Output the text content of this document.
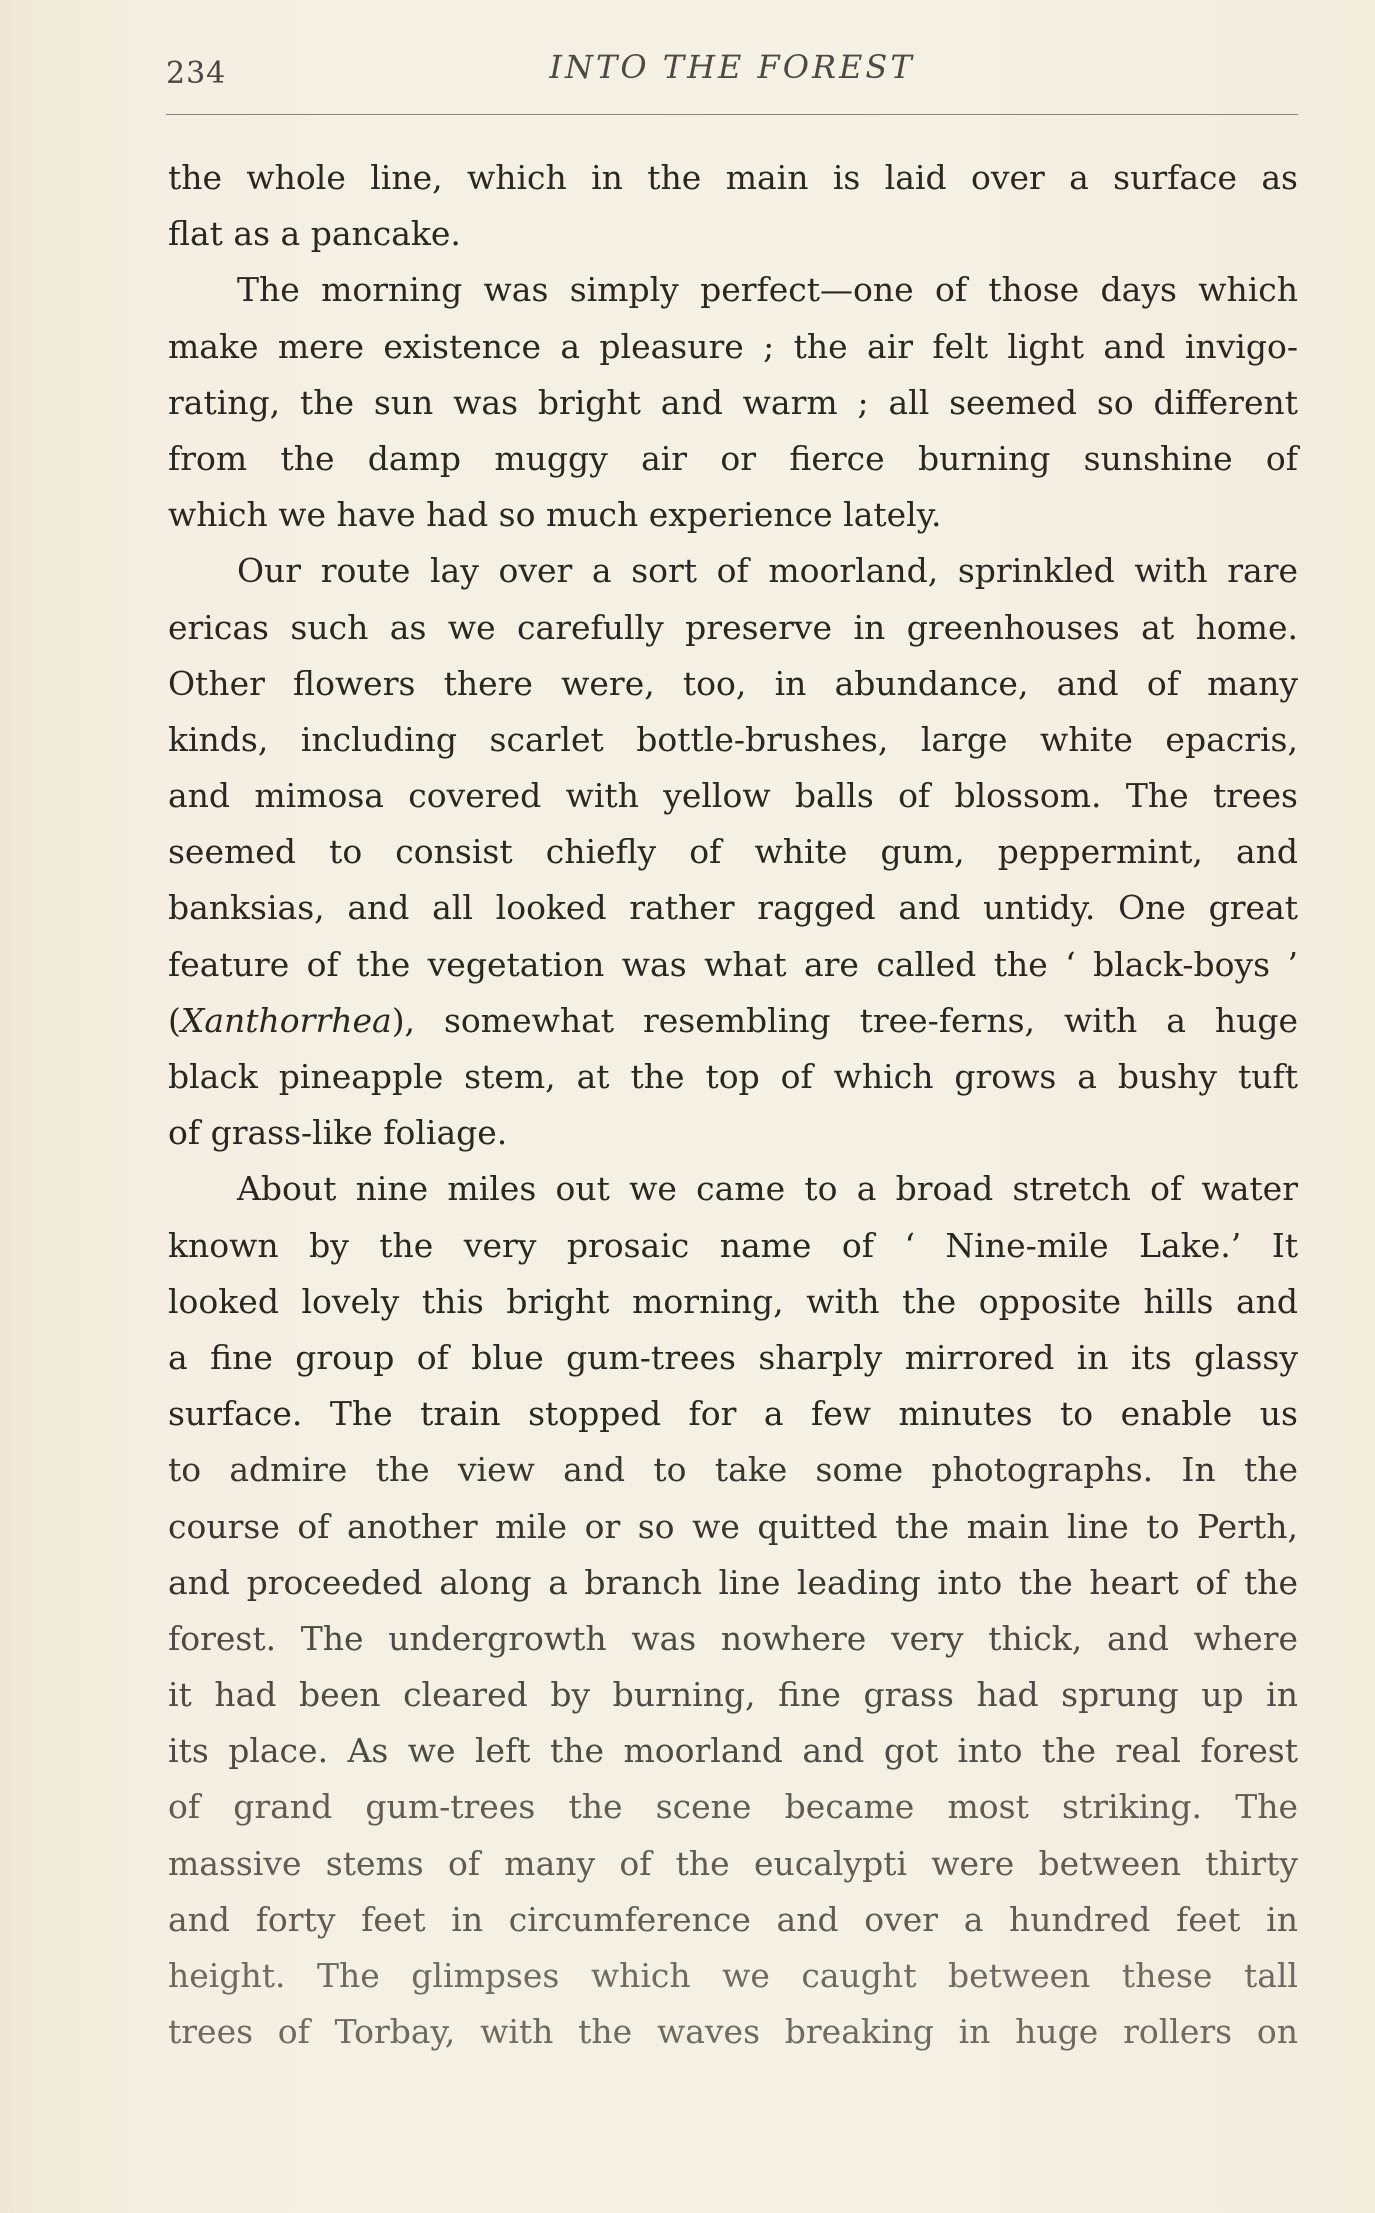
234	INTO THE FOREST
the whole line, which in the main is laid over a surface as
flat as a pancake.
The morning was simply perfect—one of those days which
make mere existence a pleasure ; the air felt light and invigo-
rating, the sun was bright and warm ; all seemed so different
from the damp muggy air or fierce burning sunshine of
which we have had so much experience lately.
Our route lay over a sort of moorland, sprinkled with rare
ericas such as we carefully preserve in greenhouses at home.
Other flowers there were, too, in abundance, and of many
kinds, including scarlet bottle-brushes, large white epacris,
and mimosa covered with yellow balls of blossom. The trees
seemed to consist chiefly of white gum, peppermint, and
banksias, and all looked rather ragged and untidy. One great
feature of the vegetation was what are called the ‘ black-boys ’
(Xanthorrhea), somewhat resembling tree-ferns, with a huge
black pineapple stem, at the top of which grows a bushy tuft
of grass-like foliage.
About nine miles out we came to a broad stretch of water
known by the very prosaic name of ‘ Nine-mile Lake.’ It
looked lovely this bright morning, with the opposite hills and
a fine group of blue gum-trees sharply mirrored in its glassy
surface. The train stopped for a few minutes to enable us
to admire the view and to take some photographs. In the
course of another mile or so we quitted the main line to Perth,
and proceeded along a branch line leading into the heart of the
forest. The undergrowth was nowhere very thick, and where
it had been cleared by burning, fine grass had sprung up in
its place. As we left the moorland and got into the real forest
of grand gum-trees the scene became most striking. The
massive stems of many of the eucalypti were between thirty
and forty feet in circumference and over a hundred feet in
height. The glimpses which we caught between these tall
trees of Torbay, with the waves breaking in huge rollers on
